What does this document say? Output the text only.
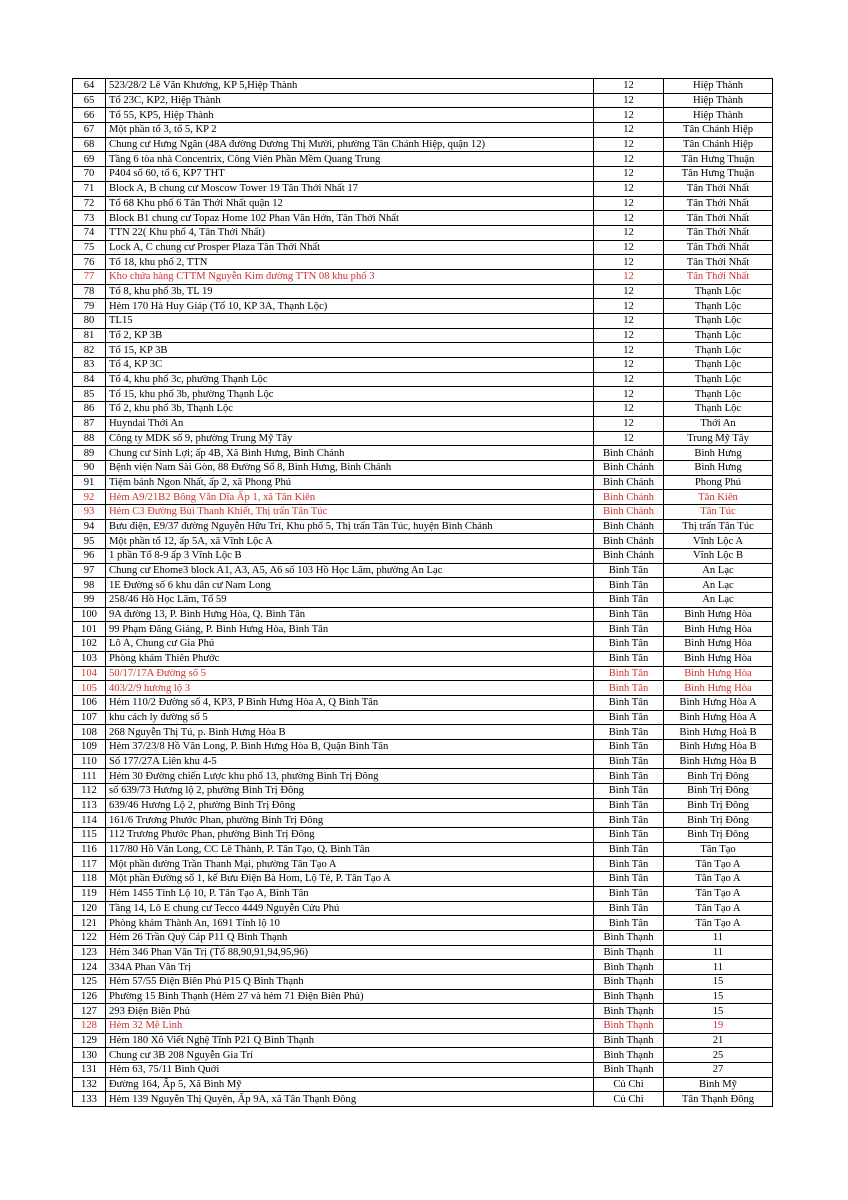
64	523/28/2 Lê Văn Khương, KP 5,Hiệp Thành	12	Hiệp Thành
65	Tổ 23C, KP2, Hiệp Thành	12	Hiệp Thành
66	Tổ 55, KP5, Hiệp Thành	12	Hiệp Thành
67	Một phần tổ 3, tổ 5, KP 2	12	Tân Chánh Hiệp
68	Chung cư Hưng Ngân (48A đường Dương Thị Mười, phường Tân Chánh Hiệp, quận 12)	12	Tân Chánh Hiệp
69	Tầng 6 tòa nhà Concentrix, Công Viên Phần Mềm Quang Trung	12	Tân Hưng Thuận
70	P404 số 60, tổ 6, KP7 THT	12	Tân Hưng Thuận
71	Block A, B chung cư Moscow Tower 19 Tân Thới Nhất 17	12	Tân Thới Nhất
72	Tổ 68 Khu phố 6 Tân Thới Nhất quận 12	12	Tân Thới Nhất
73	Block B1 chung cư Topaz Home 102 Phan Văn Hớn, Tân Thới Nhất	12	Tân Thới Nhất
74	TTN 22( Khu phố 4, Tân Thới Nhất)	12	Tân Thới Nhất
75	Lock A, C chung cư Prosper Plaza Tân Thới Nhất	12	Tân Thới Nhất
76	Tổ 18, khu phố 2, TTN	12	Tân Thới Nhất
77	Kho chứa hàng CTTM Nguyễn Kim đường TTN 08 khu phố 3	12	Tân Thới Nhất
78	Tổ 8, khu phố 3b, TL 19	12	Thạnh Lộc
79	Hẻm 170 Hà Huy Giáp (Tổ 10, KP 3A, Thạnh Lộc)	12	Thạnh Lộc
80	TL15	12	Thạnh Lộc
81	Tổ 2, KP 3B	12	Thạnh Lộc
82	Tổ 15, KP 3B	12	Thạnh Lộc
83	Tổ 4, KP 3C	12	Thạnh Lộc
84	Tổ 4, khu phố 3c, phường Thạnh Lộc	12	Thạnh Lộc
85	Tổ 15, khu phố 3b, phường Thạnh Lộc	12	Thạnh Lộc
86	Tổ 2, khu phố 3b, Thạnh Lộc	12	Thạnh Lộc
87	Huyndai Thới An	12	Thới An
88	Công ty MDK số 9, phường Trung Mỹ Tây	12	Trung Mỹ Tây
89	Chung cư Sinh Lợi; ấp 4B, Xã Bình Hưng, Bình Chánh	Bình Chánh	Bình Hưng
90	Bệnh viện Nam Sài Gòn, 88 Đường Số 8, Bình Hưng, Bình Chánh	Bình Chánh	Bình Hưng
91	Tiệm bánh Ngon Nhất, ấp 2, xã Phong Phú	Bình Chánh	Phong Phú
92	Hẻm A9/21B2 Bông Văn Dĩa Ấp 1, xã Tân Kiên	Bình Chánh	Tân Kiên
93	Hẻm C3 Đường Bùi Thanh Khiết, Thị trấn Tân Túc	Bình Chánh	Tân Túc
94	Bưu điện, E9/37 đường Nguyễn Hữu Trí, Khu phố 5, Thị trấn Tân Túc, huyện Bình Chánh	Bình Chánh	Thị trấn Tân Túc
95	Một phần tổ 12, ấp 5A, xã Vĩnh Lộc A	Bình Chánh	Vĩnh Lộc A
96	1 phần Tổ 8-9 ấp 3 Vĩnh Lộc B	Bình Chánh	Vĩnh Lộc B
97	Chung cư Ehome3 block A1, A3, A5, A6 số 103 Hồ Học Lãm, phường An Lạc	Bình Tân	An Lạc
98	1E Đường số 6 khu dân cư Nam Long	Bình Tân	An Lạc
99	258/46 Hồ Học Lãm, Tổ 59	Bình Tân	An Lạc
100	9A đường 13, P. Bình Hưng Hòa, Q. Bình Tân	Bình Tân	Bình Hưng Hòa
101	99 Phạm Đăng Giảng, P. Bình Hưng Hòa, Bình Tân	Bình Tân	Bình Hưng Hòa
102	Lô A, Chung cư Gia Phú	Bình Tân	Bình Hưng Hòa
103	Phòng khám Thiên Phước	Bình Tân	Bình Hưng Hòa
104	50/17/17A Đường số 5	Bình Tân	Bình Hưng Hòa
105	403/2/9 hương lộ 3	Bình Tân	Bình Hưng Hòa
106	Hẻm 110/2 Đường số 4, KP3, P Bình Hưng Hòa A, Q Bình Tân	Bình Tân	Bình Hưng Hòa A
107	khu cách ly đường số 5	Bình Tân	Bình Hưng Hòa A
108	268 Nguyễn Thị Tú, p. Bình Hưng Hòa B	Bình Tân	Bình Hưng Hoà B
109	Hẻm 37/23/8 Hồ Văn Long, P. Bình Hưng Hòa B, Quận Bình Tân	Bình Tân	Bình Hưng Hòa B
110	Số 177/27A Liên khu 4-5	Bình Tân	Bình Hưng Hòa B
111	Hẻm 30 Đường chiến Lược khu phố 13, phường Bình Trị Đông	Bình Tân	Bình Trị Đông
112	số 639/73 Hương lộ 2, phường Bình Trị Đông	Bình Tân	Bình Trị Đông
113	639/46 Hương Lộ 2, phường Bình Trị Đông	Bình Tân	Bình Trị Đông
114	161/6 Trương Phước Phan, phường Bình Trị Đông	Bình Tân	Bình Trị Đông
115	112 Trương Phước Phan, phường Bình Trị Đông	Bình Tân	Bình Trị Đông
116	117/80 Hồ Văn Long, CC Lê Thành, P. Tân Tạo, Q. Bình Tân	Bình Tân	Tân Tạo
117	Một phần đường Trần Thanh Mại, phường Tân Tạo A	Bình Tân	Tân Tạo A
118	Một phần Đường số 1, kế Bưu Điện Bà Hom, Lộ Tẻ, P. Tân Tạo A	Bình Tân	Tân Tạo A
119	Hẻm 1455 Tỉnh Lộ 10, P. Tân Tạo A, Bình Tân	Bình Tân	Tân Tạo A
120	Tầng 14, Lô E chung cư Tecco 4449 Nguyễn Cửu Phú	Bình Tân	Tân Tạo A
121	Phòng khám Thành An, 1691 Tỉnh lộ 10	Bình Tân	Tân Tạo A
122	Hẻm 26 Trần Quý Cáp P11 Q Bình Thạnh	Bình Thạnh	11
123	Hẻm 346 Phan Văn Trị (Tổ 88,90,91,94,95,96)	Bình Thạnh	11
124	334A Phan Văn Trị	Bình Thạnh	11
125	Hẻm 57/55 Điện Biên Phủ P15 Q Bình Thạnh	Bình Thạnh	15
126	Phường 15 Bình Thạnh (Hẻm 27 và hẻm 71 Điện Biên Phủ)	Bình Thạnh	15
127	293 Điện Biên Phủ	Bình Thạnh	15
128	Hẻm 32 Mê Linh	Bình Thạnh	19
129	Hẻm 180 Xô Viết Nghệ Tĩnh P21 Q Bình Thạnh	Bình Thạnh	21
130	Chung cư 3B 208 Nguyễn Gia Trí	Bình Thạnh	25
131	Hẻm 63, 75/11 Bình Quới	Bình Thạnh	27
132	Đường 164, Ấp 5, Xã Bình Mỹ	Củ Chi	Bình Mỹ
133	Hẻm 139 Nguyễn Thị Quyên, Ấp 9A, xã Tân Thạnh Đông	Củ Chi	Tân Thạnh Đông
